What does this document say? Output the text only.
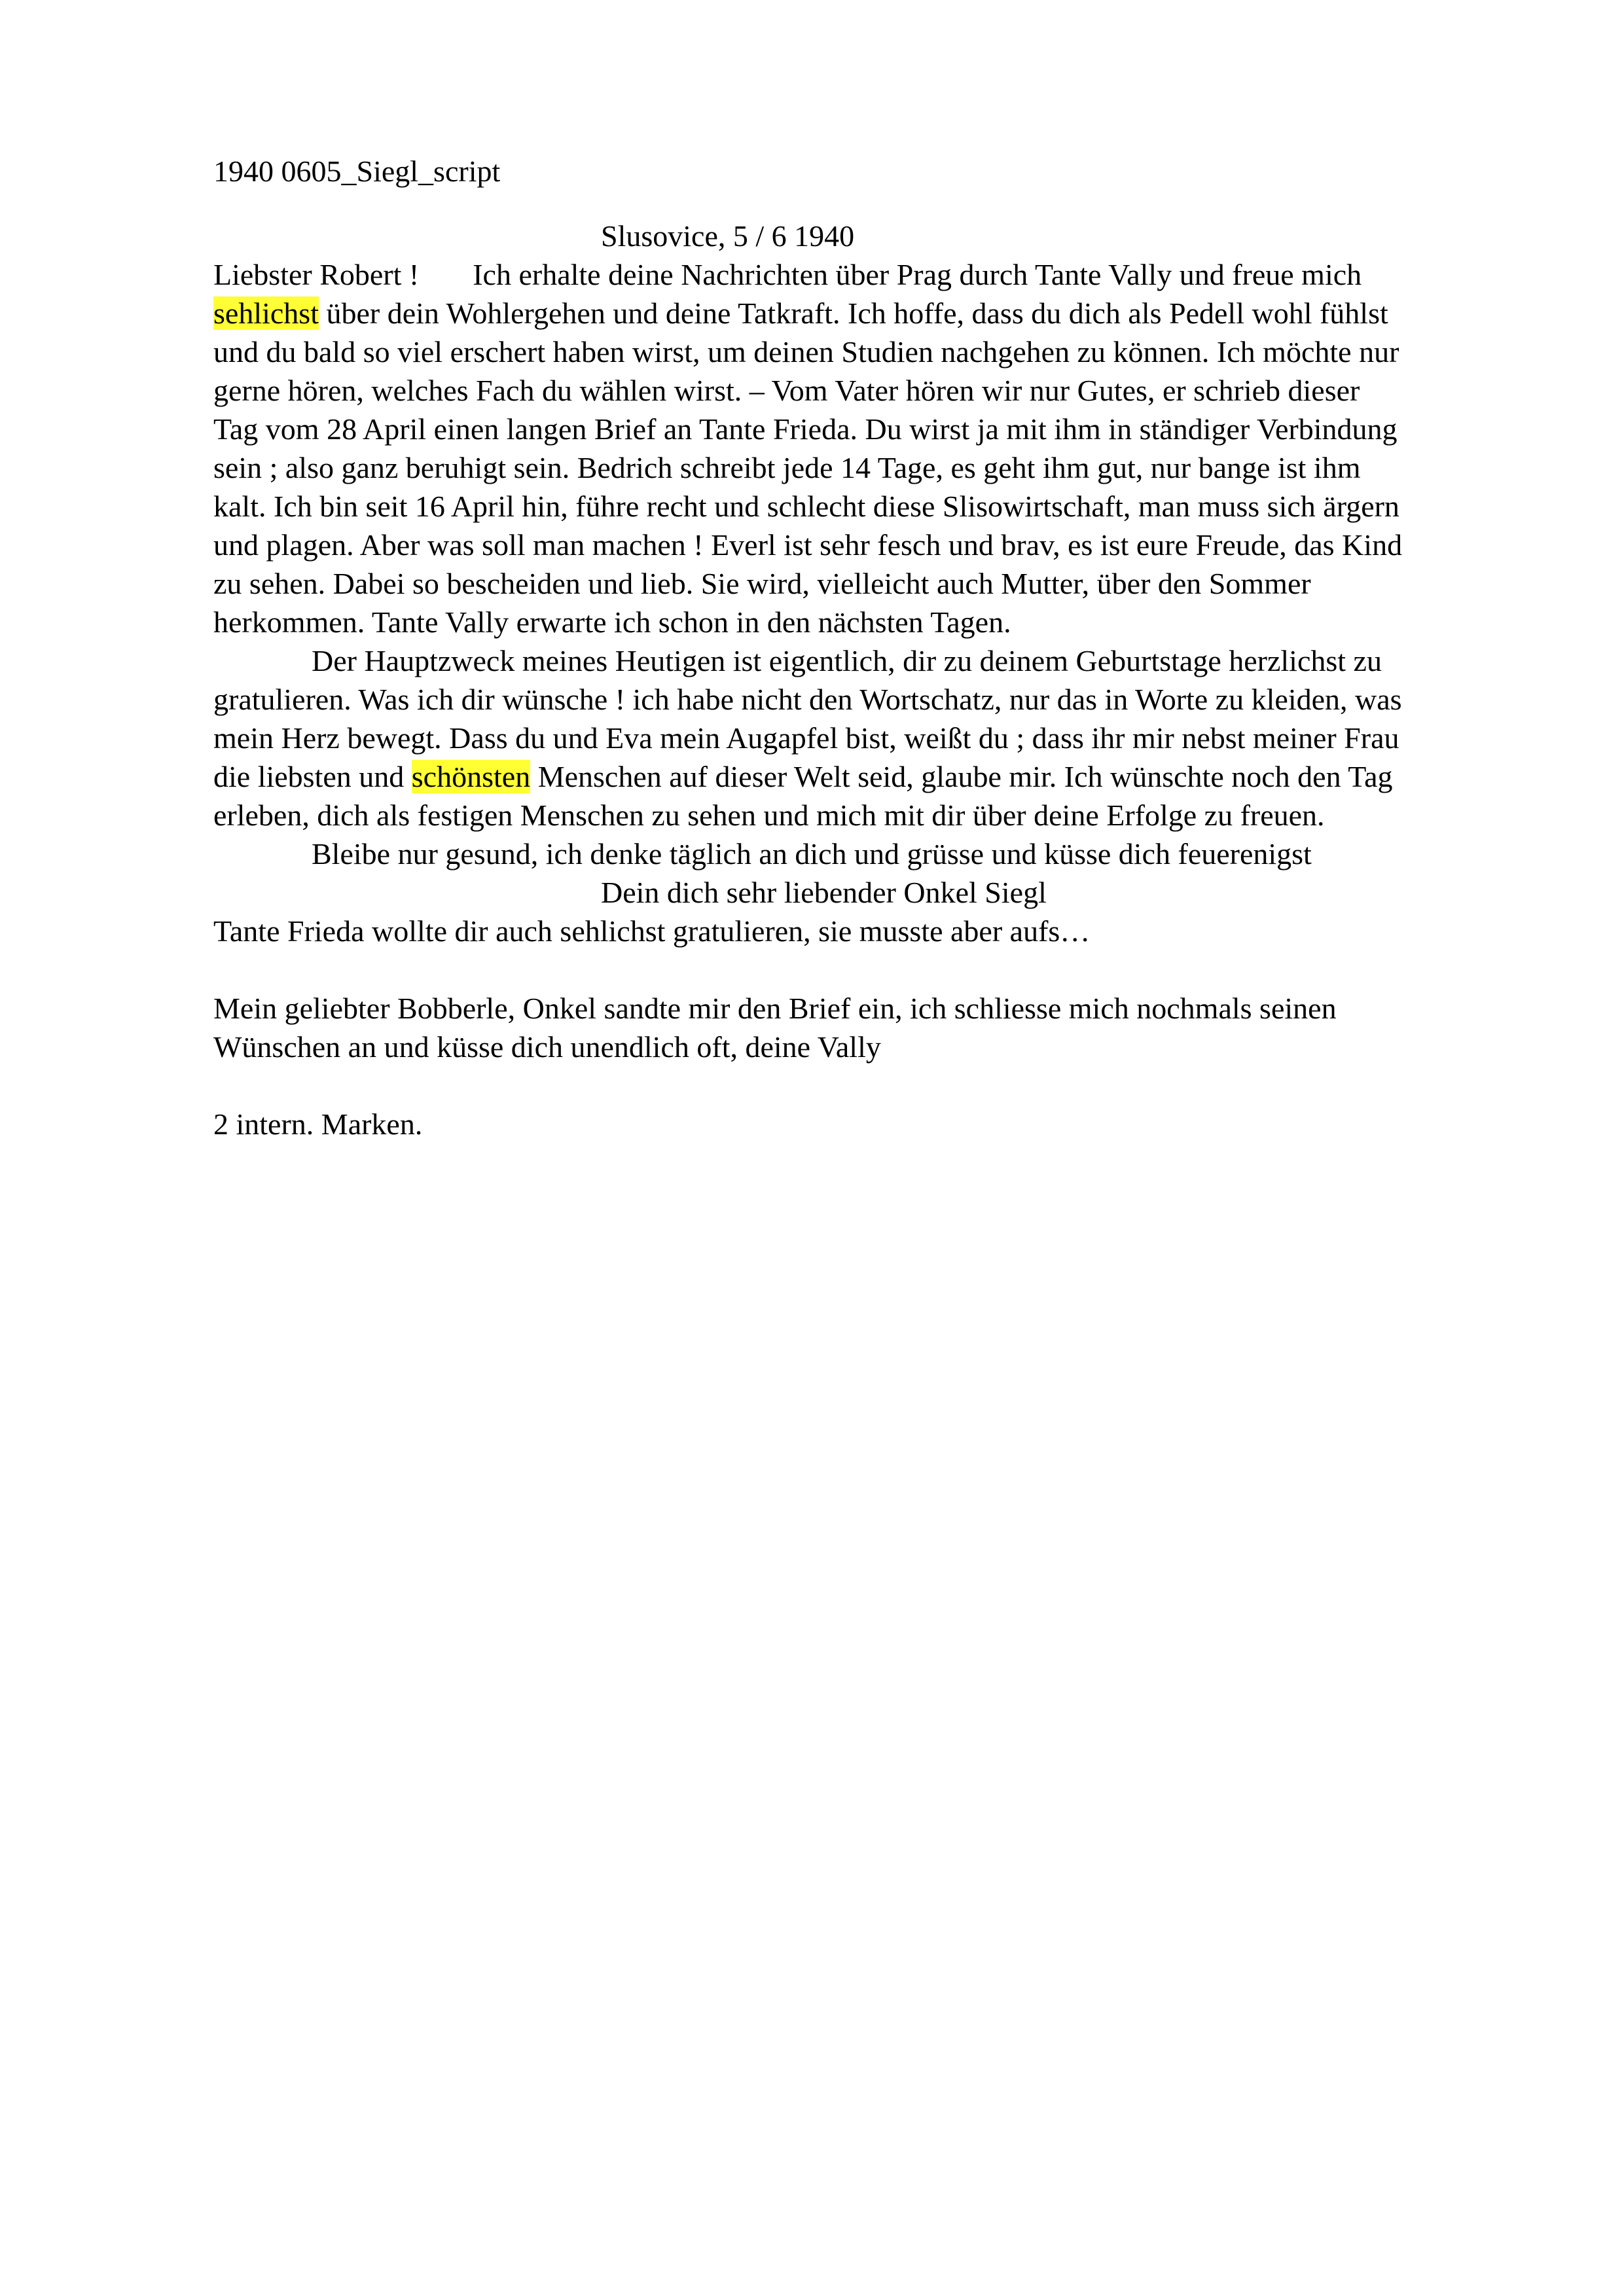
1940 0605_Siegl_script
Slusovice, 5 / 6 1940
Liebster Robert ! Ich erhalte deine Nachrichten über Prag durch Tante Vally und freue mich
sehlichst über dein Wohlergehen und deine Tatkraft. Ich hoffe, dass du dich als Pedell wohl fühlst
und du bald so viel erschert haben wirst, um deinen Studien nachgehen zu können. Ich möchte nur
gerne hören, welches Fach du wählen wirst. – Vom Vater hören wir nur Gutes, er schrieb dieser
Tag vom 28 April einen langen Brief an Tante Frieda. Du wirst ja mit ihm in ständiger Verbindung
sein ; also ganz beruhigt sein. Bedrich schreibt jede 14 Tage, es geht ihm gut, nur bange ist ihm
kalt. Ich bin seit 16 April hin, führe recht und schlecht diese Slisowirtschaft, man muss sich ärgern
und plagen. Aber was soll man machen ! Everl ist sehr fesch und brav, es ist eure Freude, das Kind
zu sehen. Dabei so bescheiden und lieb. Sie wird, vielleicht auch Mutter, über den Sommer
herkommen. Tante Vally erwarte ich schon in den nächsten Tagen.
Der Hauptzweck meines Heutigen ist eigentlich, dir zu deinem Geburtstage herzlichst zu
gratulieren. Was ich dir wünsche ! ich habe nicht den Wortschatz, nur das in Worte zu kleiden, was
mein Herz bewegt. Dass du und Eva mein Augapfel bist, weißt du ; dass ihr mir nebst meiner Frau
die liebsten und schönsten Menschen auf dieser Welt seid, glaube mir. Ich wünschte noch den Tag
erleben, dich als festigen Menschen zu sehen und mich mit dir über deine Erfolge zu freuen.
Bleibe nur gesund, ich denke täglich an dich und grüsse und küsse dich feuerenigst
Dein dich sehr liebender Onkel Siegl
Tante Frieda wollte dir auch sehlichst gratulieren, sie musste aber aufs…
Mein geliebter Bobberle, Onkel sandte mir den Brief ein, ich schliesse mich nochmals seinen
Wünschen an und küsse dich unendlich oft, deine Vally
2 intern. Marken.
